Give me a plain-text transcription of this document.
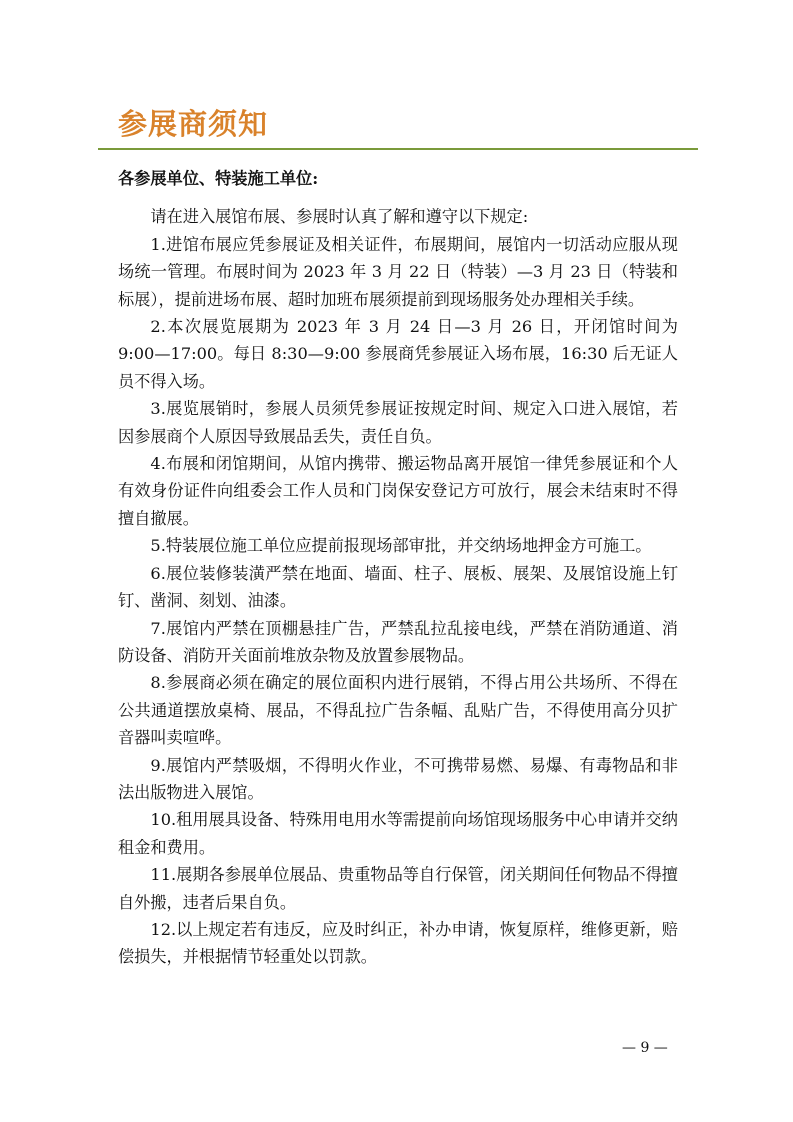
参展商须知

各参展单位、特装施工单位:

请在进入展馆布展、参展时认真了解和遵守以下规定:

1.进馆布展应凭参展证及相关证件，布展期间，展馆内一切活动应服从现场统一管理。布展时间为 2023 年 3 月 22 日（特装）—3 月 23 日（特装和标展），提前进场布展、超时加班布展须提前到现场服务处办理相关手续。

2.本次展览展期为 2023 年 3 月 24 日—3 月 26 日，开闭馆时间为 9:00—17:00。每日 8:30—9:00 参展商凭参展证入场布展，16:30 后无证人员不得入场。

3.展览展销时，参展人员须凭参展证按规定时间、规定入口进入展馆，若因参展商个人原因导致展品丢失，责任自负。

4.布展和闭馆期间，从馆内携带、搬运物品离开展馆一律凭参展证和个人有效身份证件向组委会工作人员和门岗保安登记方可放行，展会未结束时不得擅自撤展。

5.特装展位施工单位应提前报现场部审批，并交纳场地押金方可施工。

6.展位装修装潢严禁在地面、墙面、柱子、展板、展架、及展馆设施上钉钉、凿洞、刻划、油漆。

7.展馆内严禁在顶棚悬挂广告，严禁乱拉乱接电线，严禁在消防通道、消防设备、消防开关面前堆放杂物及放置参展物品。

8.参展商必须在确定的展位面积内进行展销，不得占用公共场所、不得在公共通道摆放桌椅、展品，不得乱拉广告条幅、乱贴广告，不得使用高分贝扩音器叫卖喧哗。

9.展馆内严禁吸烟，不得明火作业，不可携带易燃、易爆、有毒物品和非法出版物进入展馆。

10.租用展具设备、特殊用电用水等需提前向场馆现场服务中心申请并交纳租金和费用。

11.展期各参展单位展品、贵重物品等自行保管，闭关期间任何物品不得擅自外搬，违者后果自负。

12.以上规定若有违反，应及时纠正，补办申请，恢复原样，维修更新，赔偿损失，并根据情节轻重处以罚款。

— 9 —
